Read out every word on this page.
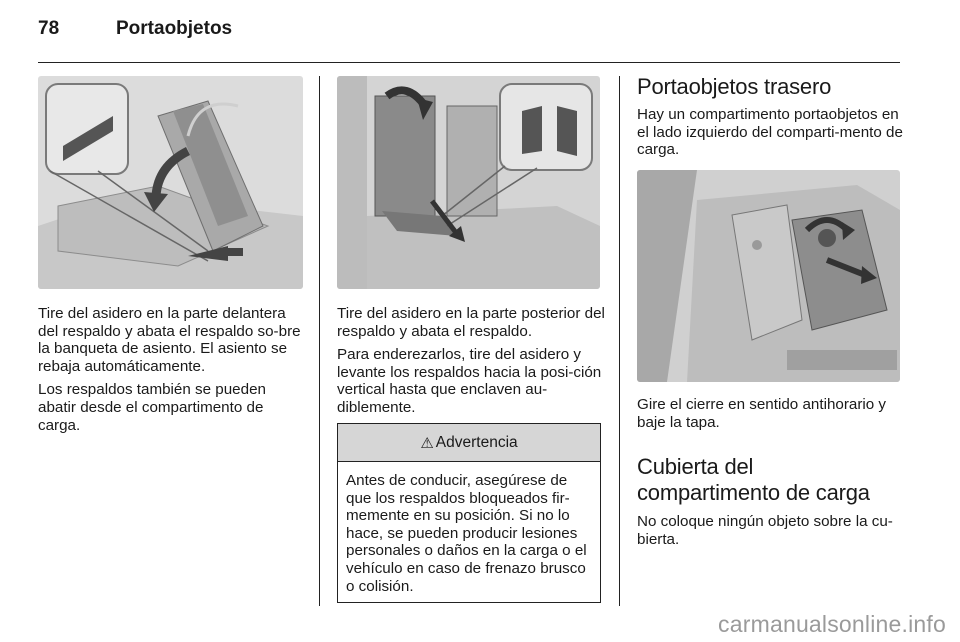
78	Portaobjetos

Tire del asidero en la parte delantera del respaldo y abata el respaldo so-bre la banqueta de asiento. El asiento se rebaja automáticamente.

Los respaldos también se pueden abatir desde el compartimento de carga.

Tire del asidero en la parte posterior del respaldo y abata el respaldo.

Para enderezarlos, tire del asidero y levante los respaldos hacia la posi-ción vertical hasta que enclaven au-diblemente.

⚠ Advertencia
Antes de conducir, asegúrese de que los respaldos bloqueados fir-memente en su posición. Si no lo hace, se pueden producir lesiones personales o daños en la carga o el vehículo en caso de frenazo brusco o colisión.
Portaobjetos trasero
Hay un compartimento portaobjetos en el lado izquierdo del comparti-mento de carga.
Gire el cierre en sentido antihorario y baje la tapa.
Cubierta del compartimento de carga
No coloque ningún objeto sobre la cu-bierta.
carmanualsonline.info
